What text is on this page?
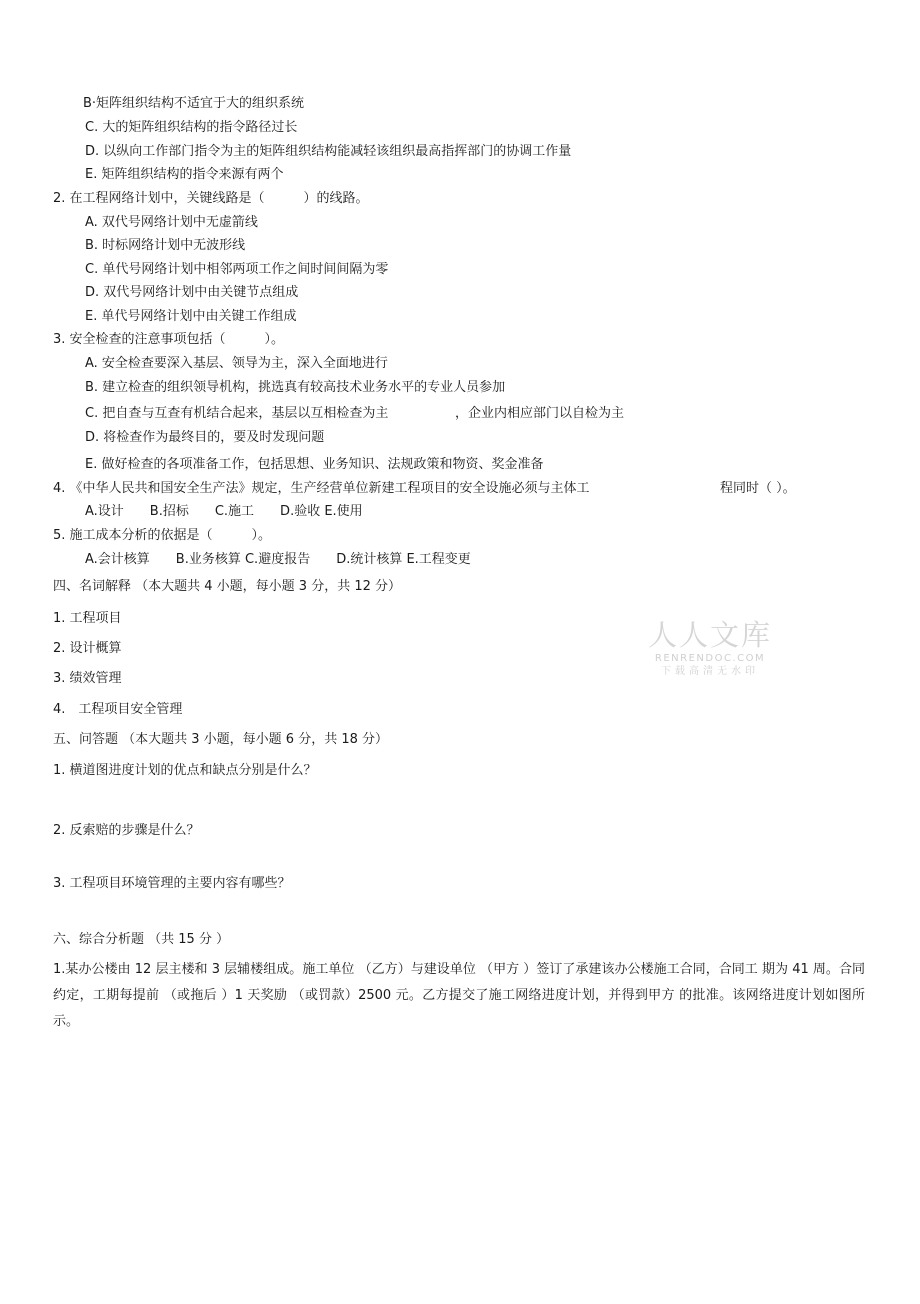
B·矩阵组织结构不适宜于大的组织系统
C. 大的矩阵组织结构的指令路径过长
D. 以纵向工作部门指令为主的矩阵组织结构能减轻该组织最高指挥部门的协调工作量
E. 矩阵组织结构的指令来源有两个
2. 在工程网络计划中，关键线路是（　　　）的线路。
A. 双代号网络计划中无虚箭线
B. 时标网络计划中无波形线
C. 单代号网络计划中相邻两项工作之间时间间隔为零
D. 双代号网络计划中由关键节点组成
E. 单代号网络计划中由关键工作组成
3. 安全检查的注意事项包括（　　　）。
A. 安全检查要深入基层、领导为主，深入全面地进行
B. 建立检查的组织领导机构，挑选真有较高技术业务水平的专业人员参加
C. 把自查与互查有机结合起来，基层以互相检查为主	，企业内相应部门以自检为主
D. 将检查作为最终目的，要及时发现问题
E. 做好检查的各项准备工作，包括思想、业务知识、法规政策和物资、奖金准备
4. 《中华人民共和国安全生产法》规定，生产经营单位新建工程项目的安全设施必须与主体工	程同时（ ）。
A.设计　　B.招标　　C.施工　　D.验收 E.使用
5. 施工成本分析的依据是（　　　）。
A.会计核算　　B.业务核算 C.避度报告　　D.统计核算 E.工程变更
四、名词解释 （本大题共 4 小题，每小题 3 分，共 12 分）
1. 工程项目
2. 设计概算
3. 绩效管理
4.　工程项目安全管理
五、问答题 （本大题共 3 小题，每小题 6 分，共 18 分）
1. 横道图进度计划的优点和缺点分别是什么？
2. 反索赔的步骤是什么？
3. 工程项目环境管理的主要内容有哪些？
六、综合分析题 （共 15 分 ）
1.某办公楼由 12 层主楼和 3 层辅楼组成。施工单位 （乙方）与建设单位 （甲方 ）签订了承建该办公楼施工合同，合同工 期为 41 周。合同约定，工期每提前 （或拖后 ）1 天奖励 （或罚款）2500 元。乙方提交了施工网络进度计划，并得到甲方 的批准。该网络进度计划如图所示。
人人文库
RENRENDOC.COM
下载高清无水印
